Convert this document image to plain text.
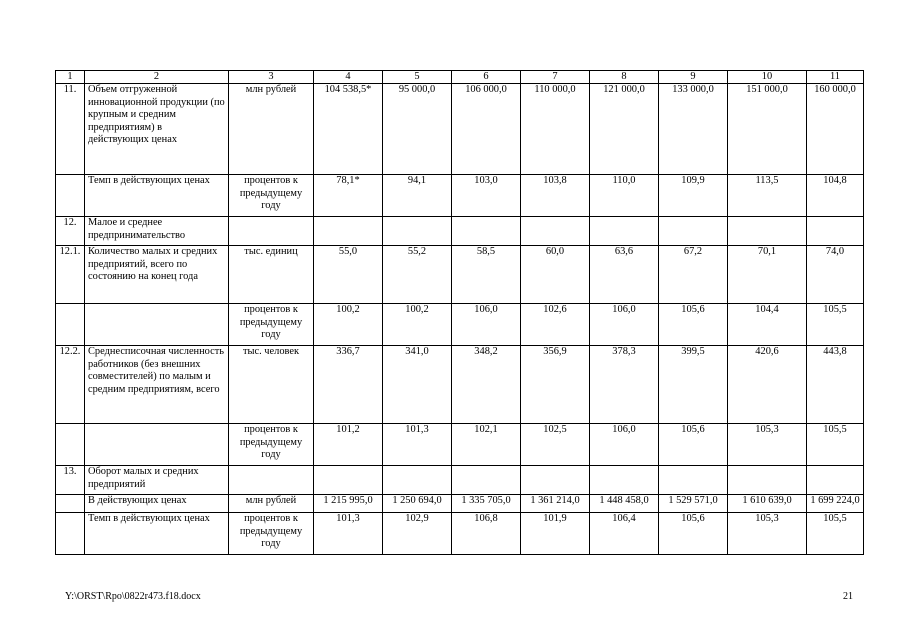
1	2	3	4	5	6	7	8	9	10	11
11.	Объем отгруженной инновационной продукции (по крупным и средним предприятиям) в действующих ценах	млн рублей	104 538,5*	95 000,0	106 000,0	110 000,0	121 000,0	133 000,0	151 000,0	160 000,0
	Темп в действующих ценах	процентов к предыдущему году	78,1*	94,1	103,0	103,8	110,0	109,9	113,5	104,8
12.	Малое и среднее предпринимательство									
12.1.	Количество малых и средних предприятий, всего по состоянию на конец года	тыс. единиц	55,0	55,2	58,5	60,0	63,6	67,2	70,1	74,0
		процентов к предыдущему году	100,2	100,2	106,0	102,6	106,0	105,6	104,4	105,5
12.2.	Среднесписочная численность работников (без внешних совместителей) по малым и средним предприятиям, всего	тыс. человек	336,7	341,0	348,2	356,9	378,3	399,5	420,6	443,8
		процентов к предыдущему году	101,2	101,3	102,1	102,5	106,0	105,6	105,3	105,5
13.	Оборот малых и средних предприятий									
	В действующих ценах	млн рублей	1 215 995,0	1 250 694,0	1 335 705,0	1 361 214,0	1 448 458,0	1 529 571,0	1 610 639,0	1 699 224,0
	Темп в действующих ценах	процентов к предыдущему году	101,3	102,9	106,8	101,9	106,4	105,6	105,3	105,5
Y:\ORST\Rpo\0822r473.f18.docx	21
